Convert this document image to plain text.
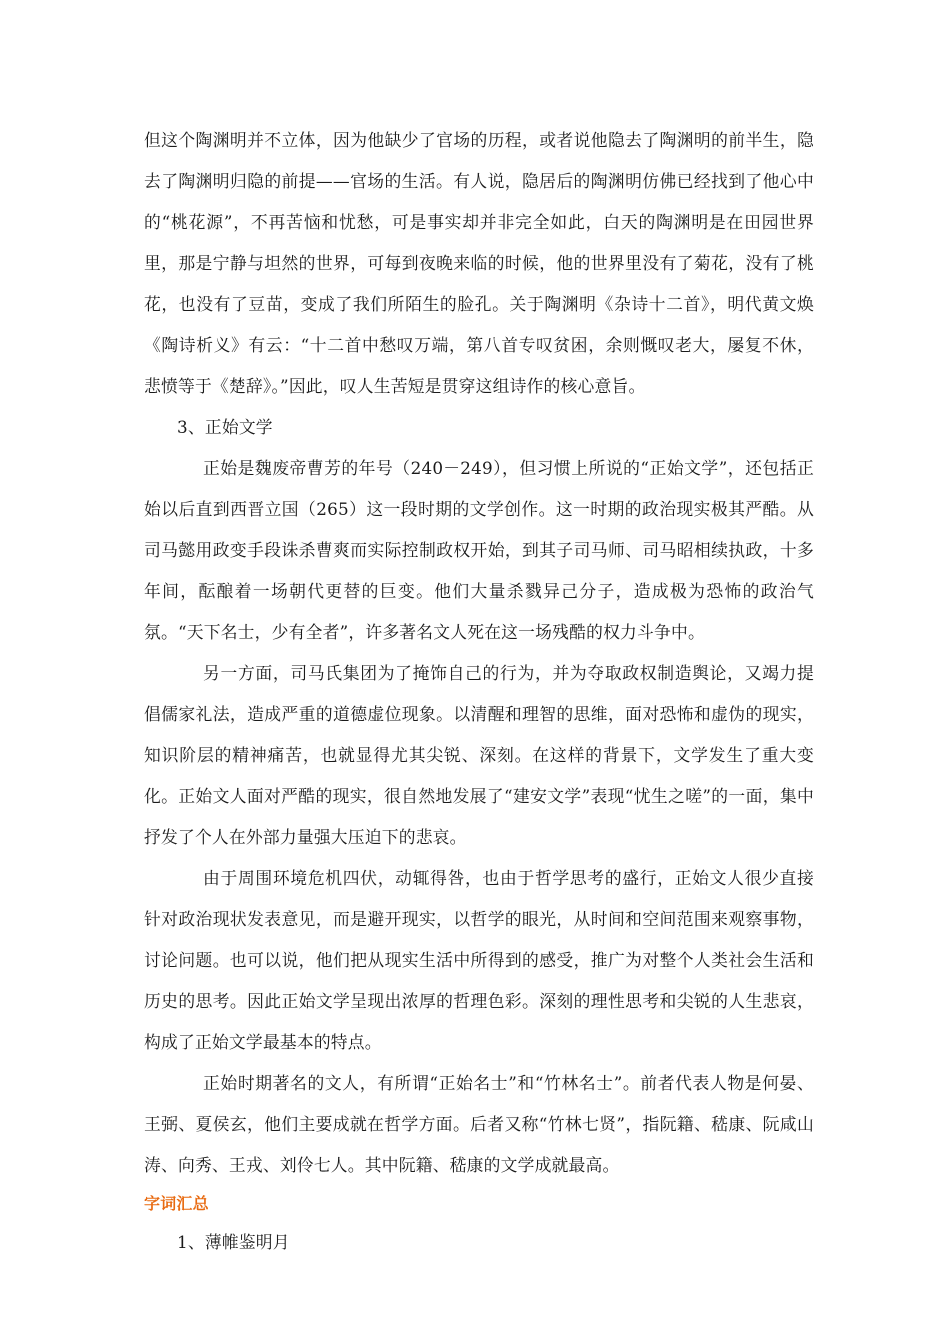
但这个陶渊明并不立体，因为他缺少了官场的历程，或者说他隐去了陶渊明的前半生，隐去了陶渊明归隐的前提——官场的生活。有人说，隐居后的陶渊明仿佛已经找到了他心中的“桃花源”，不再苦恼和忧愁，可是事实却并非完全如此，白天的陶渊明是在田园世界里，那是宁静与坦然的世界，可每到夜晚来临的时候，他的世界里没有了菊花，没有了桃花，也没有了豆苗，变成了我们所陌生的脸孔。关于陶渊明《杂诗十二首》，明代黄文焕《陶诗析义》有云：“十二首中愁叹万端，第八首专叹贫困，余则慨叹老大，屡复不休，悲愤等于《楚辞》。”因此，叹人生苦短是贯穿这组诗作的核心意旨。

3、正始文学

正始是魏废帝曹芳的年号（240－249），但习惯上所说的“正始文学”，还包括正始以后直到西晋立国（265）这一段时期的文学创作。这一时期的政治现实极其严酷。从司马懿用政变手段诛杀曹爽而实际控制政权开始，到其子司马师、司马昭相续执政，十多年间，酝酿着一场朝代更替的巨变。他们大量杀戮异己分子，造成极为恐怖的政治气氛。“天下名士，少有全者”，许多著名文人死在这一场残酷的权力斗争中。

另一方面，司马氏集团为了掩饰自己的行为，并为夺取政权制造舆论，又竭力提倡儒家礼法，造成严重的道德虚位现象。以清醒和理智的思维，面对恐怖和虚伪的现实，知识阶层的精神痛苦，也就显得尤其尖锐、深刻。在这样的背景下，文学发生了重大变化。正始文人面对严酷的现实，很自然地发展了“建安文学”表现“忧生之嗟”的一面，集中抒发了个人在外部力量强大压迫下的悲哀。

由于周围环境危机四伏，动辄得咎，也由于哲学思考的盛行，正始文人很少直接针对政治现状发表意见，而是避开现实，以哲学的眼光，从时间和空间范围来观察事物，讨论问题。也可以说，他们把从现实生活中所得到的感受，推广为对整个人类社会生活和历史的思考。因此正始文学呈现出浓厚的哲理色彩。深刻的理性思考和尖锐的人生悲哀，构成了正始文学最基本的特点。

正始时期著名的文人，有所谓“正始名士”和“竹林名士”。前者代表人物是何晏、王弼、夏侯玄，他们主要成就在哲学方面。后者又称“竹林七贤”，指阮籍、嵇康、阮咸山涛、向秀、王戎、刘伶七人。其中阮籍、嵇康的文学成就最高。

字词汇总

1、薄帷鉴明月
